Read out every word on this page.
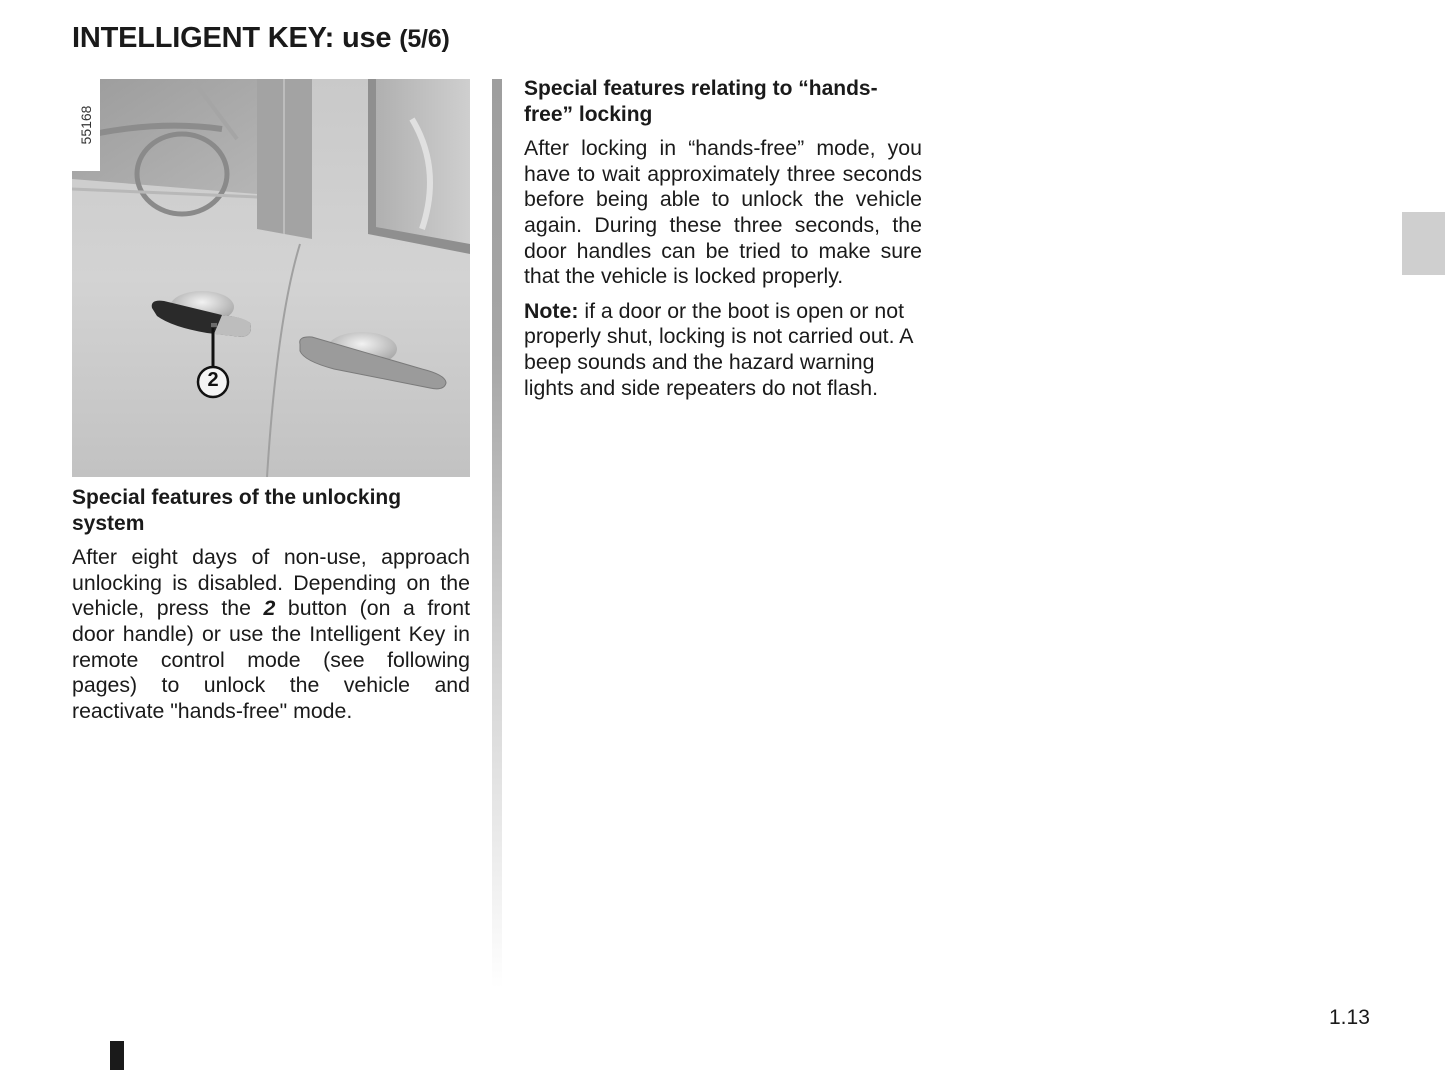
INTELLIGENT KEY: use (5/6)
55168
2
Special features of the unlocking system

After eight days of non-use, approach unlocking is disabled. Depending on the vehicle, press the 2 button (on a front door handle) or use the Intelligent Key in remote control mode (see following pages) to unlock the vehicle and reactivate "hands-free" mode.

Special features relating to “hands-free” locking

After locking in “hands-free” mode, you have to wait approximately three seconds before being able to unlock the vehicle again. During these three seconds, the door handles can be tried to make sure that the vehicle is locked properly.

Note: if a door or the boot is open or not properly shut, locking is not carried out. A beep sounds and the hazard warning lights and side repeaters do not flash.

1.13
